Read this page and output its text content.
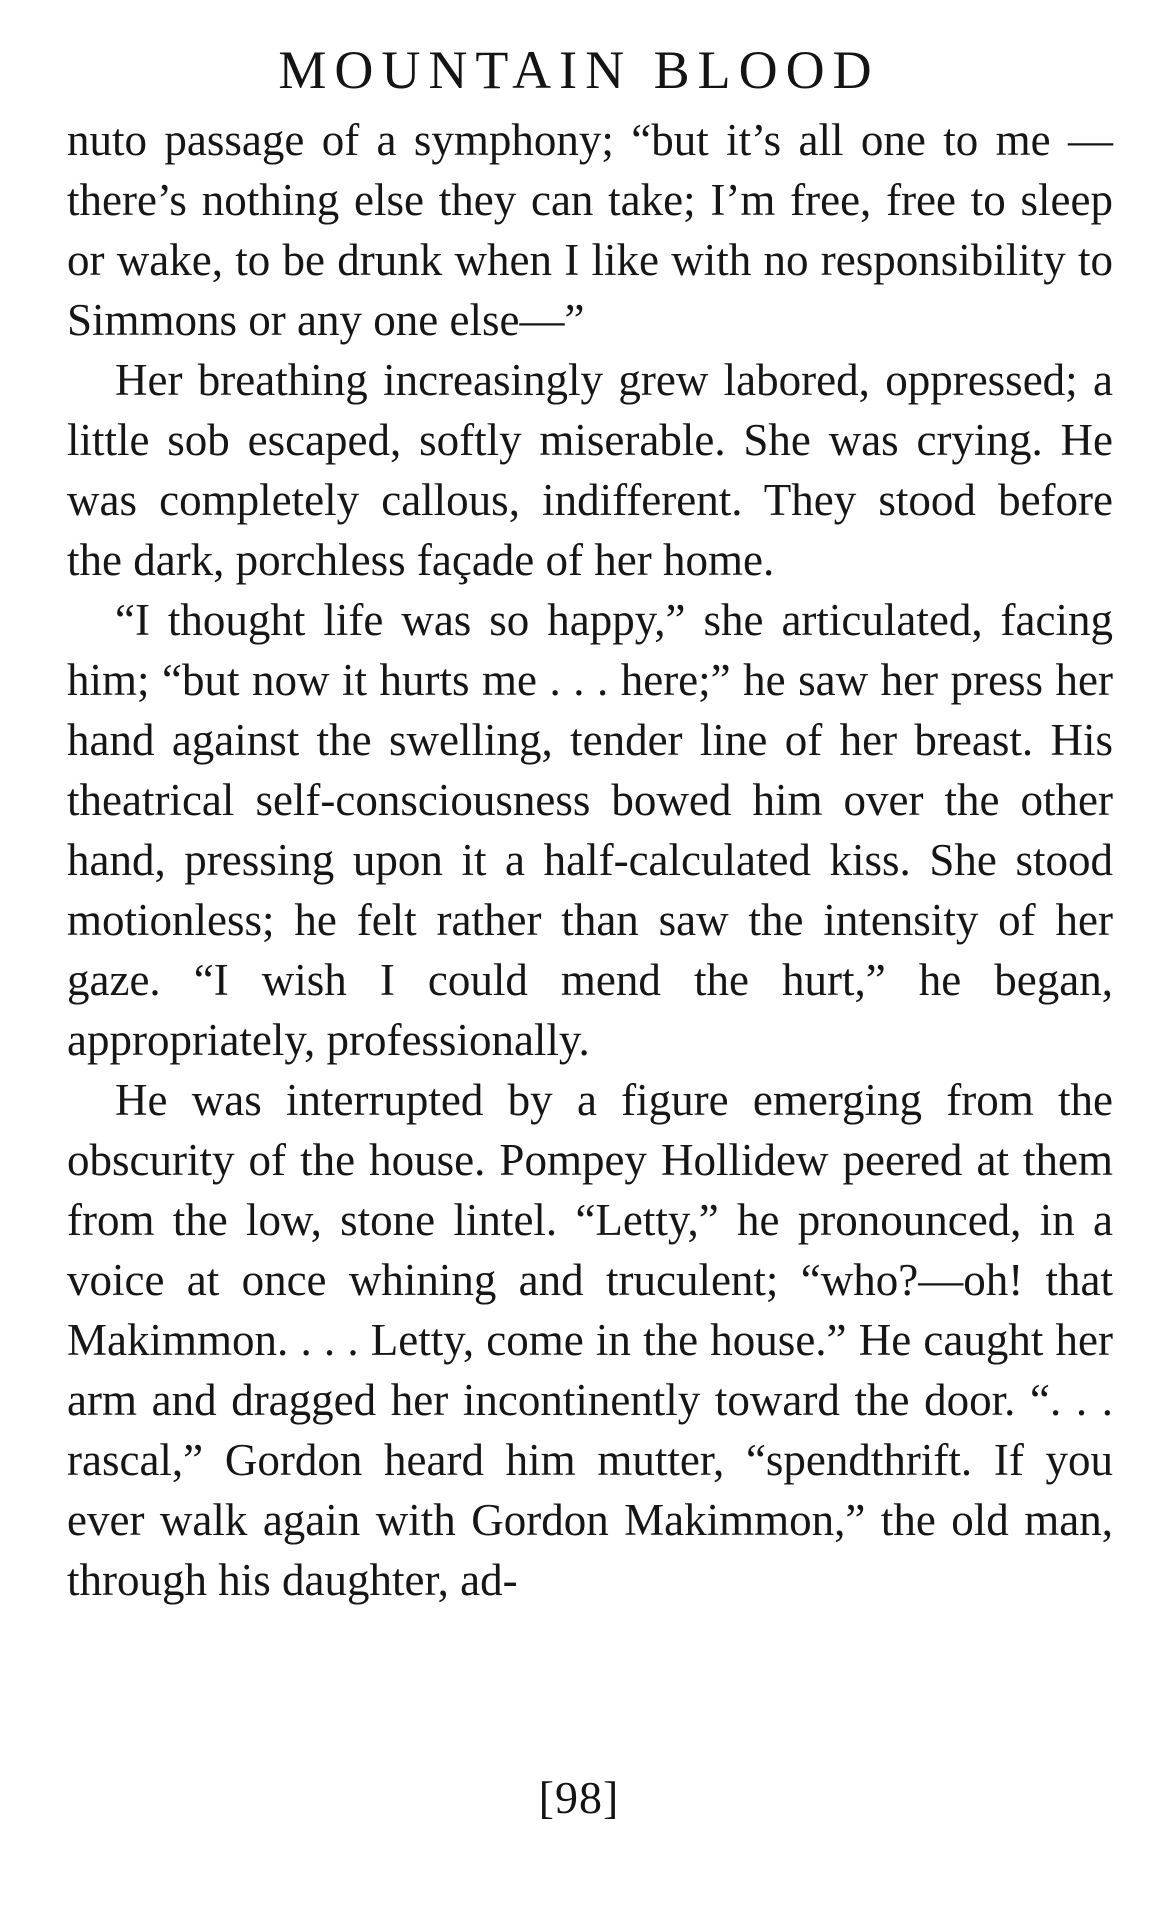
MOUNTAIN BLOOD

nuto passage of a symphony; “but it’s all one to me —there’s nothing else they can take; I’m free, free to sleep or wake, to be drunk when I like with no responsibility to Simmons or any one else—”

Her breathing increasingly grew labored, oppressed; a little sob escaped, softly miserable. She was crying. He was completely callous, indifferent. They stood before the dark, porchless façade of her home.

“I thought life was so happy,” she articulated, facing him; “but now it hurts me . . . here;” he saw her press her hand against the swelling, tender line of her breast. His theatrical self-consciousness bowed him over the other hand, pressing upon it a half-calculated kiss. She stood motionless; he felt rather than saw the intensity of her gaze. “I wish I could mend the hurt,” he began, appropriately, professionally.

He was interrupted by a figure emerging from the obscurity of the house. Pompey Hollidew peered at them from the low, stone lintel. “Letty,” he pronounced, in a voice at once whining and truculent; “who?—oh! that Makimmon. . . . Letty, come in the house.” He caught her arm and dragged her incontinently toward the door. “. . . rascal,” Gordon heard him mutter, “spendthrift. If you ever walk again with Gordon Makimmon,” the old man, through his daughter, ad-

[98]
